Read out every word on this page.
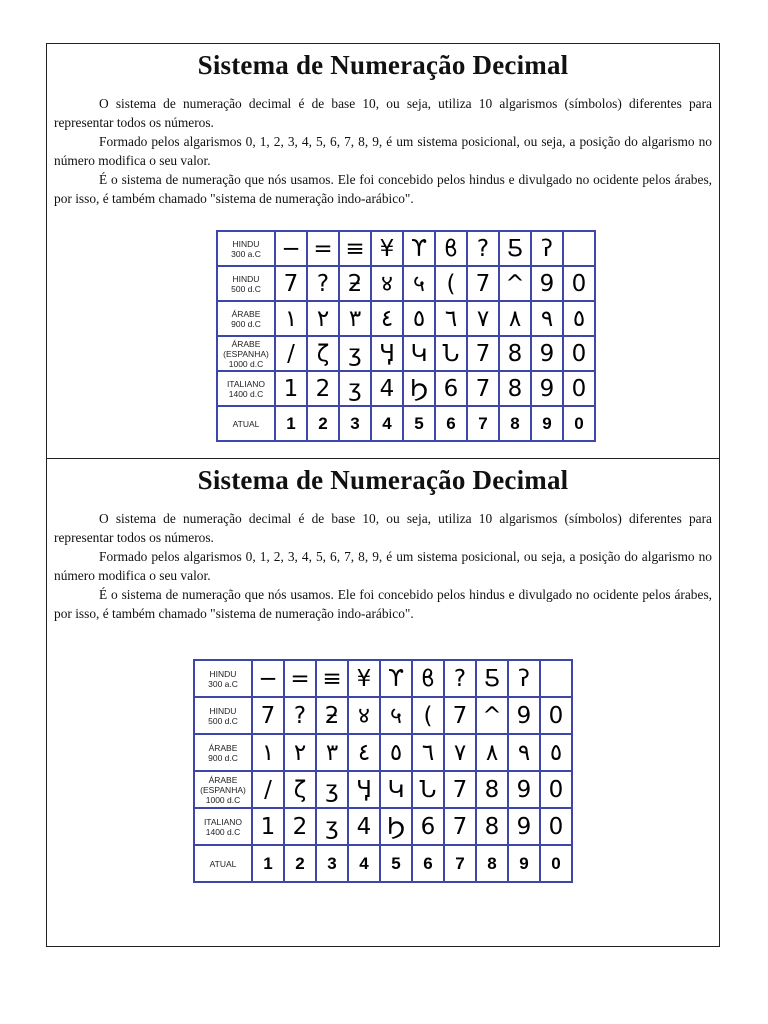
Sistema de Numeração Decimal

O sistema de numeração decimal é de base 10, ou seja, utiliza 10 algarismos (símbolos) diferentes para representar todos os números.

Formado pelos algarismos 0, 1, 2, 3, 4, 5, 6, 7, 8, 9, é um sistema posicional, ou seja, a posição do algarismo no número modifica o seu valor.

É o sistema de numeração que nós usamos. Ele foi concebido pelos hindus e divulgado no ocidente pelos árabes, por isso, é também chamado "sistema de numeração indo-arábico".

HINDU
300 a.C	−	=	≡	¥	ϒ	ϐ	?	Ƽ	ʔ	

HINDU
500 d.C	7	?	ƻ	४	५	(	7	^	9	0

ÁRABE
900 d.C	١	٢	٣	٤	٥	٦	٧	٨	٩	٥

ÁRABE
(ESPANHA)
1000 d.C	/	ζ	ʒ	Ӌ	Կ	Ն	7	8	9	0

ITALIANO
1400 d.C	1	2	ʒ	4	Ϧ	6	7	8	9	0

ATUAL	1	2	3	4	5	6	7	8	9	0
Sistema de Numeração Decimal

O sistema de numeração decimal é de base 10, ou seja, utiliza 10 algarismos (símbolos) diferentes para representar todos os números.

Formado pelos algarismos 0, 1, 2, 3, 4, 5, 6, 7, 8, 9, é um sistema posicional, ou seja, a posição do algarismo no número modifica o seu valor.

É o sistema de numeração que nós usamos. Ele foi concebido pelos hindus e divulgado no ocidente pelos árabes, por isso, é também chamado "sistema de numeração indo-arábico".

HINDU
300 a.C	−	=	≡	¥	ϒ	ϐ	?	Ƽ	ʔ	

HINDU
500 d.C	7	?	ƻ	४	५	(	7	^	9	0

ÁRABE
900 d.C	١	٢	٣	٤	٥	٦	٧	٨	٩	٥

ÁRABE
(ESPANHA)
1000 d.C	/	ζ	ʒ	Ӌ	Կ	Ն	7	8	9	0

ITALIANO
1400 d.C	1	2	ʒ	4	Ϧ	6	7	8	9	0

ATUAL	1	2	3	4	5	6	7	8	9	0
